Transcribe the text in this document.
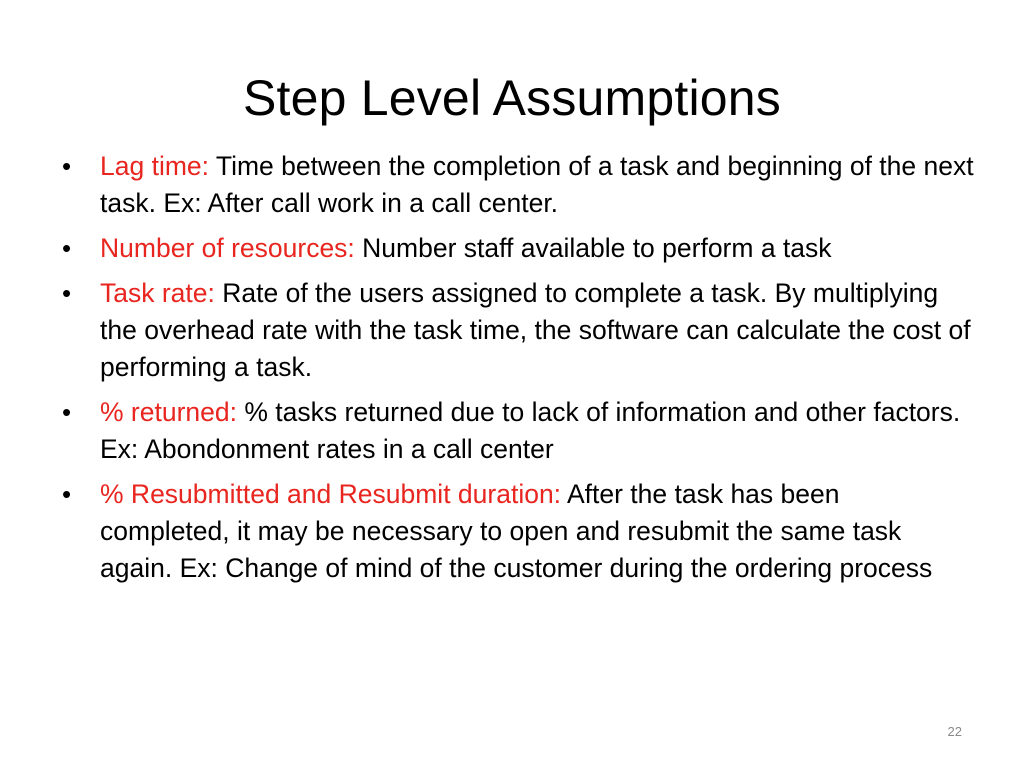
Step Level Assumptions
• Lag time: Time between the completion of a task and beginning of the next task. Ex: After call work in a call center.
• Number of resources: Number staff available to perform a task
• Task rate: Rate of the users assigned to complete a task. By multiplying the overhead rate with the task time, the software can calculate the cost of performing a task.
• % returned: % tasks returned due to lack of information and other factors. Ex: Abondonment rates in a call center
• % Resubmitted and Resubmit duration: After the task has been completed, it may be necessary to open and resubmit the same task again. Ex: Change of mind of the customer during the ordering process
22
